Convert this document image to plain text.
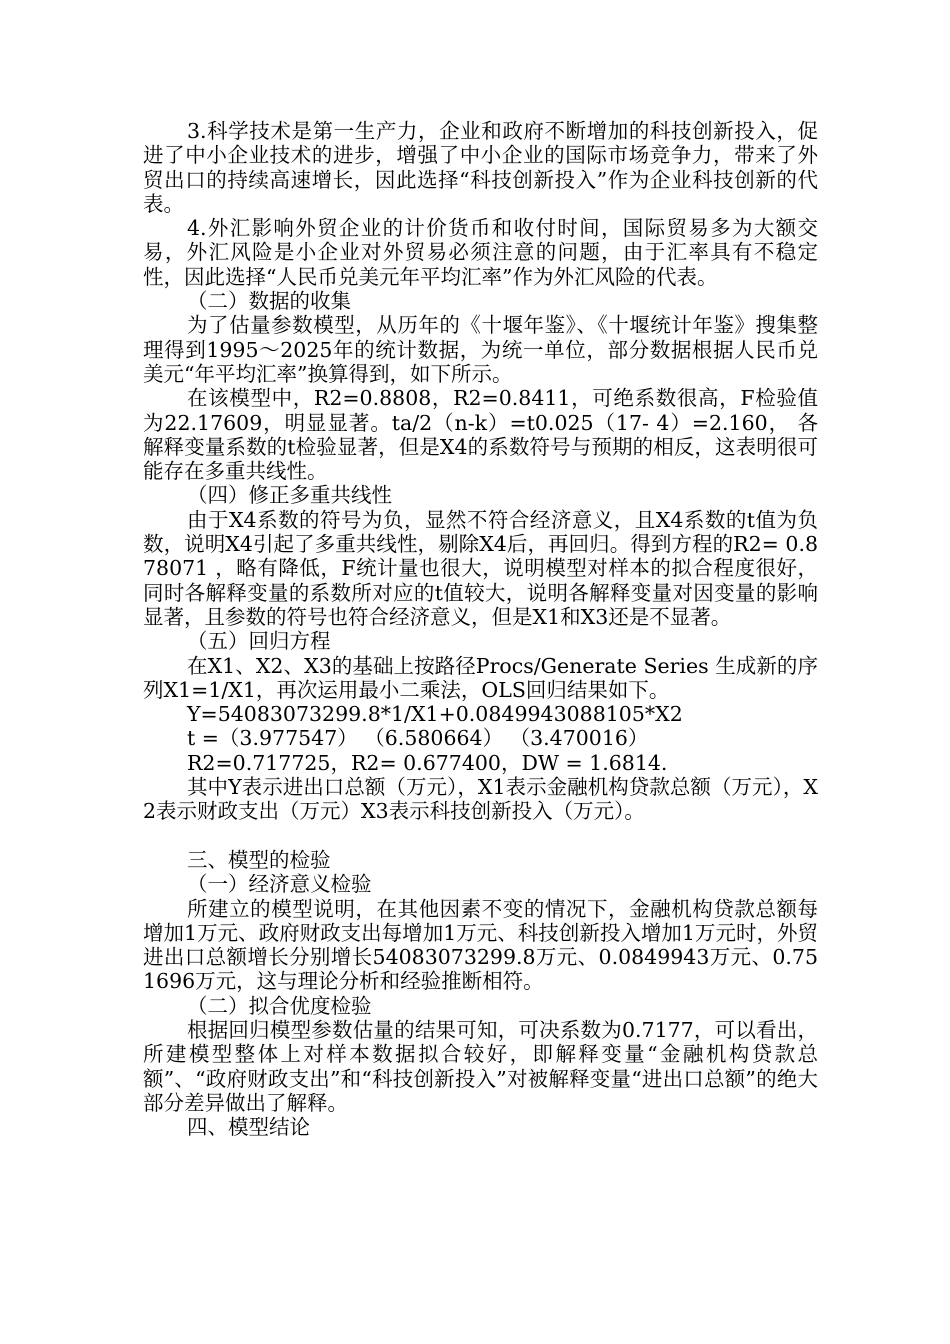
3.科学技术是第一生产力，企业和政府不断增加的科技创新投入，促进了中小企业技术的进步，增强了中小企业的国际市场竞争力，带来了外贸出口的持续高速增长，因此选择“科技创新投入”作为企业科技创新的代表。

4.外汇影响外贸企业的计价货币和收付时间，国际贸易多为大额交易，外汇风险是小企业对外贸易必须注意的问题，由于汇率具有不稳定性，因此选择“人民币兑美元年平均汇率”作为外汇风险的代表。

（二）数据的收集

为了估量参数模型，从历年的《十堰年鉴》、《十堰统计年鉴》搜集整理得到1995～2025年的统计数据，为统一单位，部分数据根据人民币兑美元“年平均汇率”换算得到，如下所示。

在该模型中，R2=0.8808，R2=0.8411，可绝系数很高，F检验值为22.17609，明显显著。ta/2（n-k）=t0.025（17- 4）=2.160， 各解释变量系数的t检验显著，但是X4的系数符号与预期的相反，这表明很可能存在多重共线性。

（四）修正多重共线性

由于X4系数的符号为负，显然不符合经济意义，且X4系数的t值为负数，说明X4引起了多重共线性，剔除X4后，再回归。得到方程的R2= 0.878071 ，略有降低，F统计量也很大，说明模型对样本的拟合程度很好，同时各解释变量的系数所对应的t值较大，说明各解释变量对因变量的影响显著，且参数的符号也符合经济意义，但是X1和X3还是不显著。

（五）回归方程

在X1、X2、X3的基础上按路径Procs/Generate Series 生成新的序列X1=1/X1，再次运用最小二乘法，OLS回归结果如下。

Y=54083073299.8*1/X1+0.0849943088105*X2

t =（3.977547） （6.580664） （3.470016）

R2=0.717725，R2= 0.677400，DW = 1.6814.

其中Y表示进出口总额（万元），X1表示金融机构贷款总额（万元），X2表示财政支出（万元）X3表示科技创新投入（万元）。

三、模型的检验

（一）经济意义检验

所建立的模型说明，在其他因素不变的情况下，金融机构贷款总额每增加1万元、政府财政支出每增加1万元、科技创新投入增加1万元时，外贸进出口总额增长分别增长54083073299.8万元、0.0849943万元、0.751696万元，这与理论分析和经验推断相符。

（二）拟合优度检验

根据回归模型参数估量的结果可知，可决系数为0.7177，可以看出，所建模型整体上对样本数据拟合较好，即解释变量“金融机构贷款总额”、“政府财政支出”和“科技创新投入”对被解释变量“进出口总额”的绝大部分差异做出了解释。

四、模型结论
